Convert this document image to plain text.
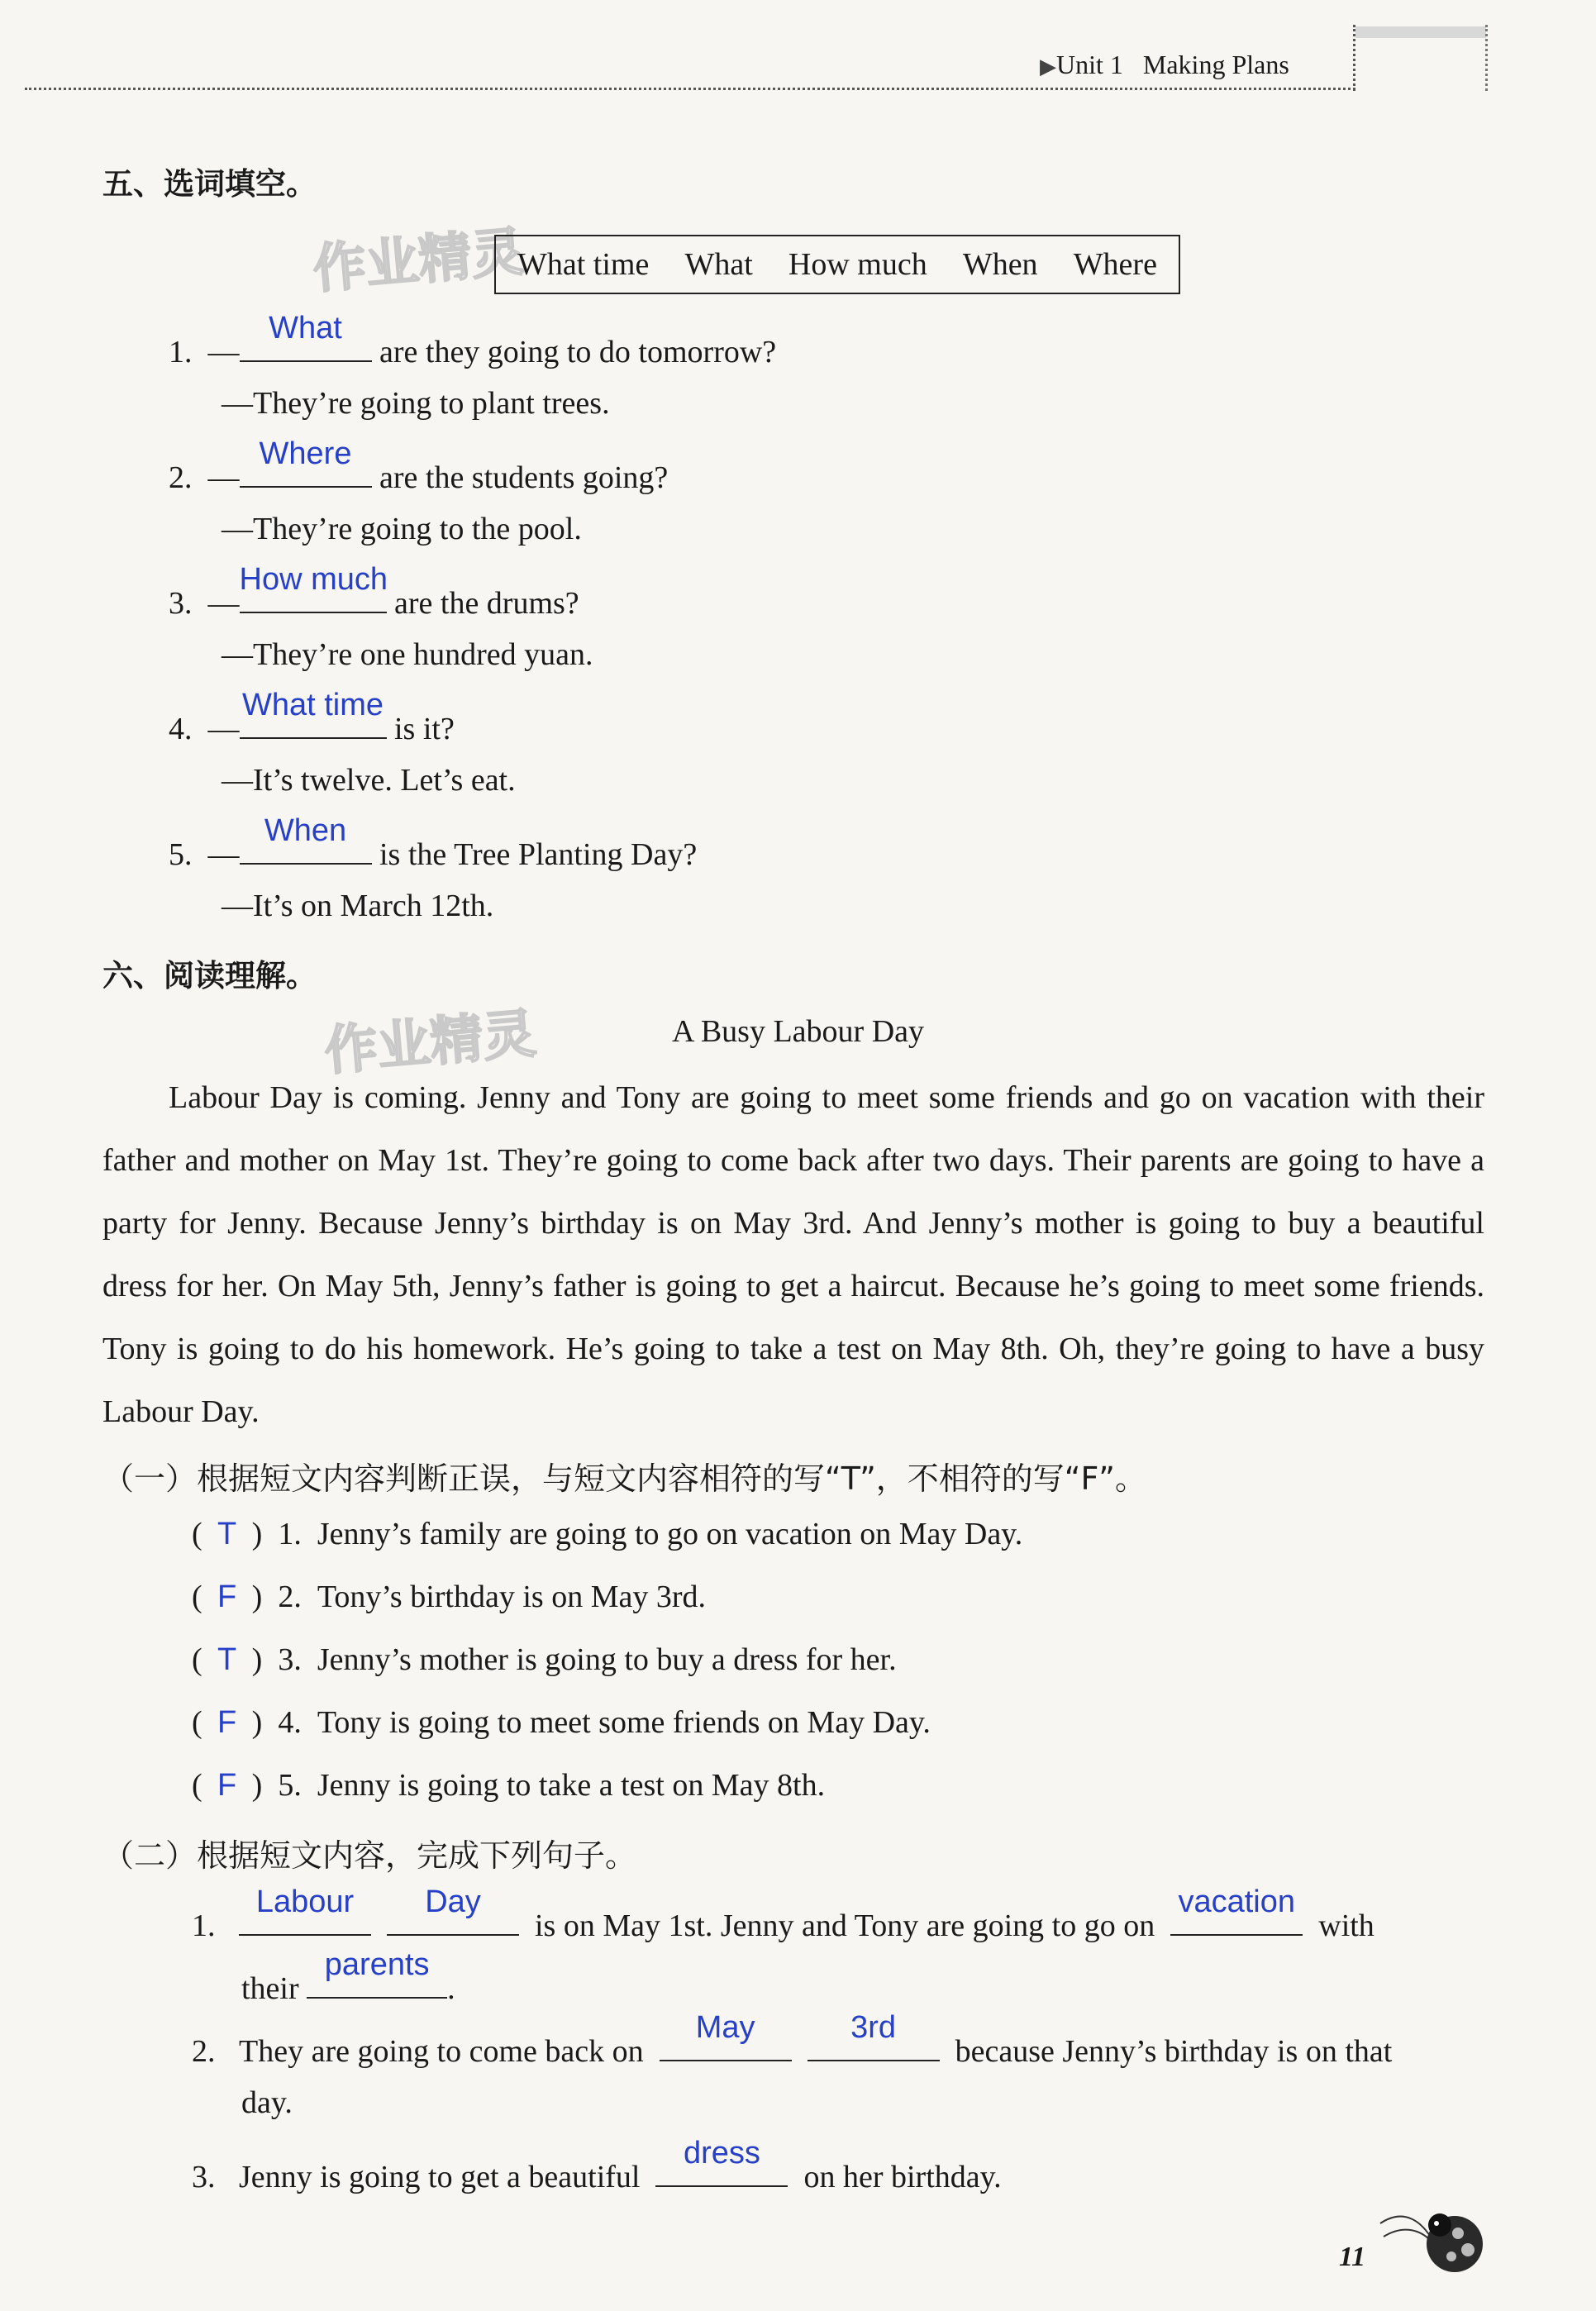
▶Unit 1 Making Plans
五、选词填空。
作业精灵
What time What How much When Where
1. —
What
are they going to do tomorrow?
—They’re going to plant trees.
2. —
Where
are the students going?
—They’re going to the pool.
3. —
How much
are the drums?
—They’re one hundred yuan.
4. —
What time
is it?
—It’s twelve. Let’s eat.
5. —
When
is the Tree Planting Day?
—It’s on March 12th.
六、阅读理解。
作业精灵	A Busy Labour Day

Labour Day is coming. Jenny and Tony are going to meet some friends and go on vacation with their father and mother on May 1st. They’re going to come back after two days. Their parents are going to have a party for Jenny. Because Jenny’s birthday is on May 3rd. And Jenny’s mother is going to buy a beautiful dress for her. On May 5th, Jenny’s father is going to get a haircut. Because he’s going to meet some friends. Tony is going to do his homework. He’s going to take a test on May 8th. Oh, they’re going to have a busy Labour Day.

（一）根据短文内容判断正误，与短文内容相符的写“T”，不相符的写“F”。
( T )  1. Jenny’s family are going to go on vacation on May Day.
( F )  2. Tony’s birthday is on May 3rd.
( T )  3. Jenny’s mother is going to buy a dress for her.
( F )  4. Tony is going to meet some friends on May Day.
( F )  5. Jenny is going to take a test on May 8th.
（二）根据短文内容，完成下列句子。
1.
Labour
	Day
is on May 1st. Jenny and Tony are going to go on
vacation
with
their
parents
.
2. They are going to come back on
May
	3rd
because Jenny’s birthday is on that
day.
3. Jenny is going to get a beautiful
dress
on her birthday.
11
